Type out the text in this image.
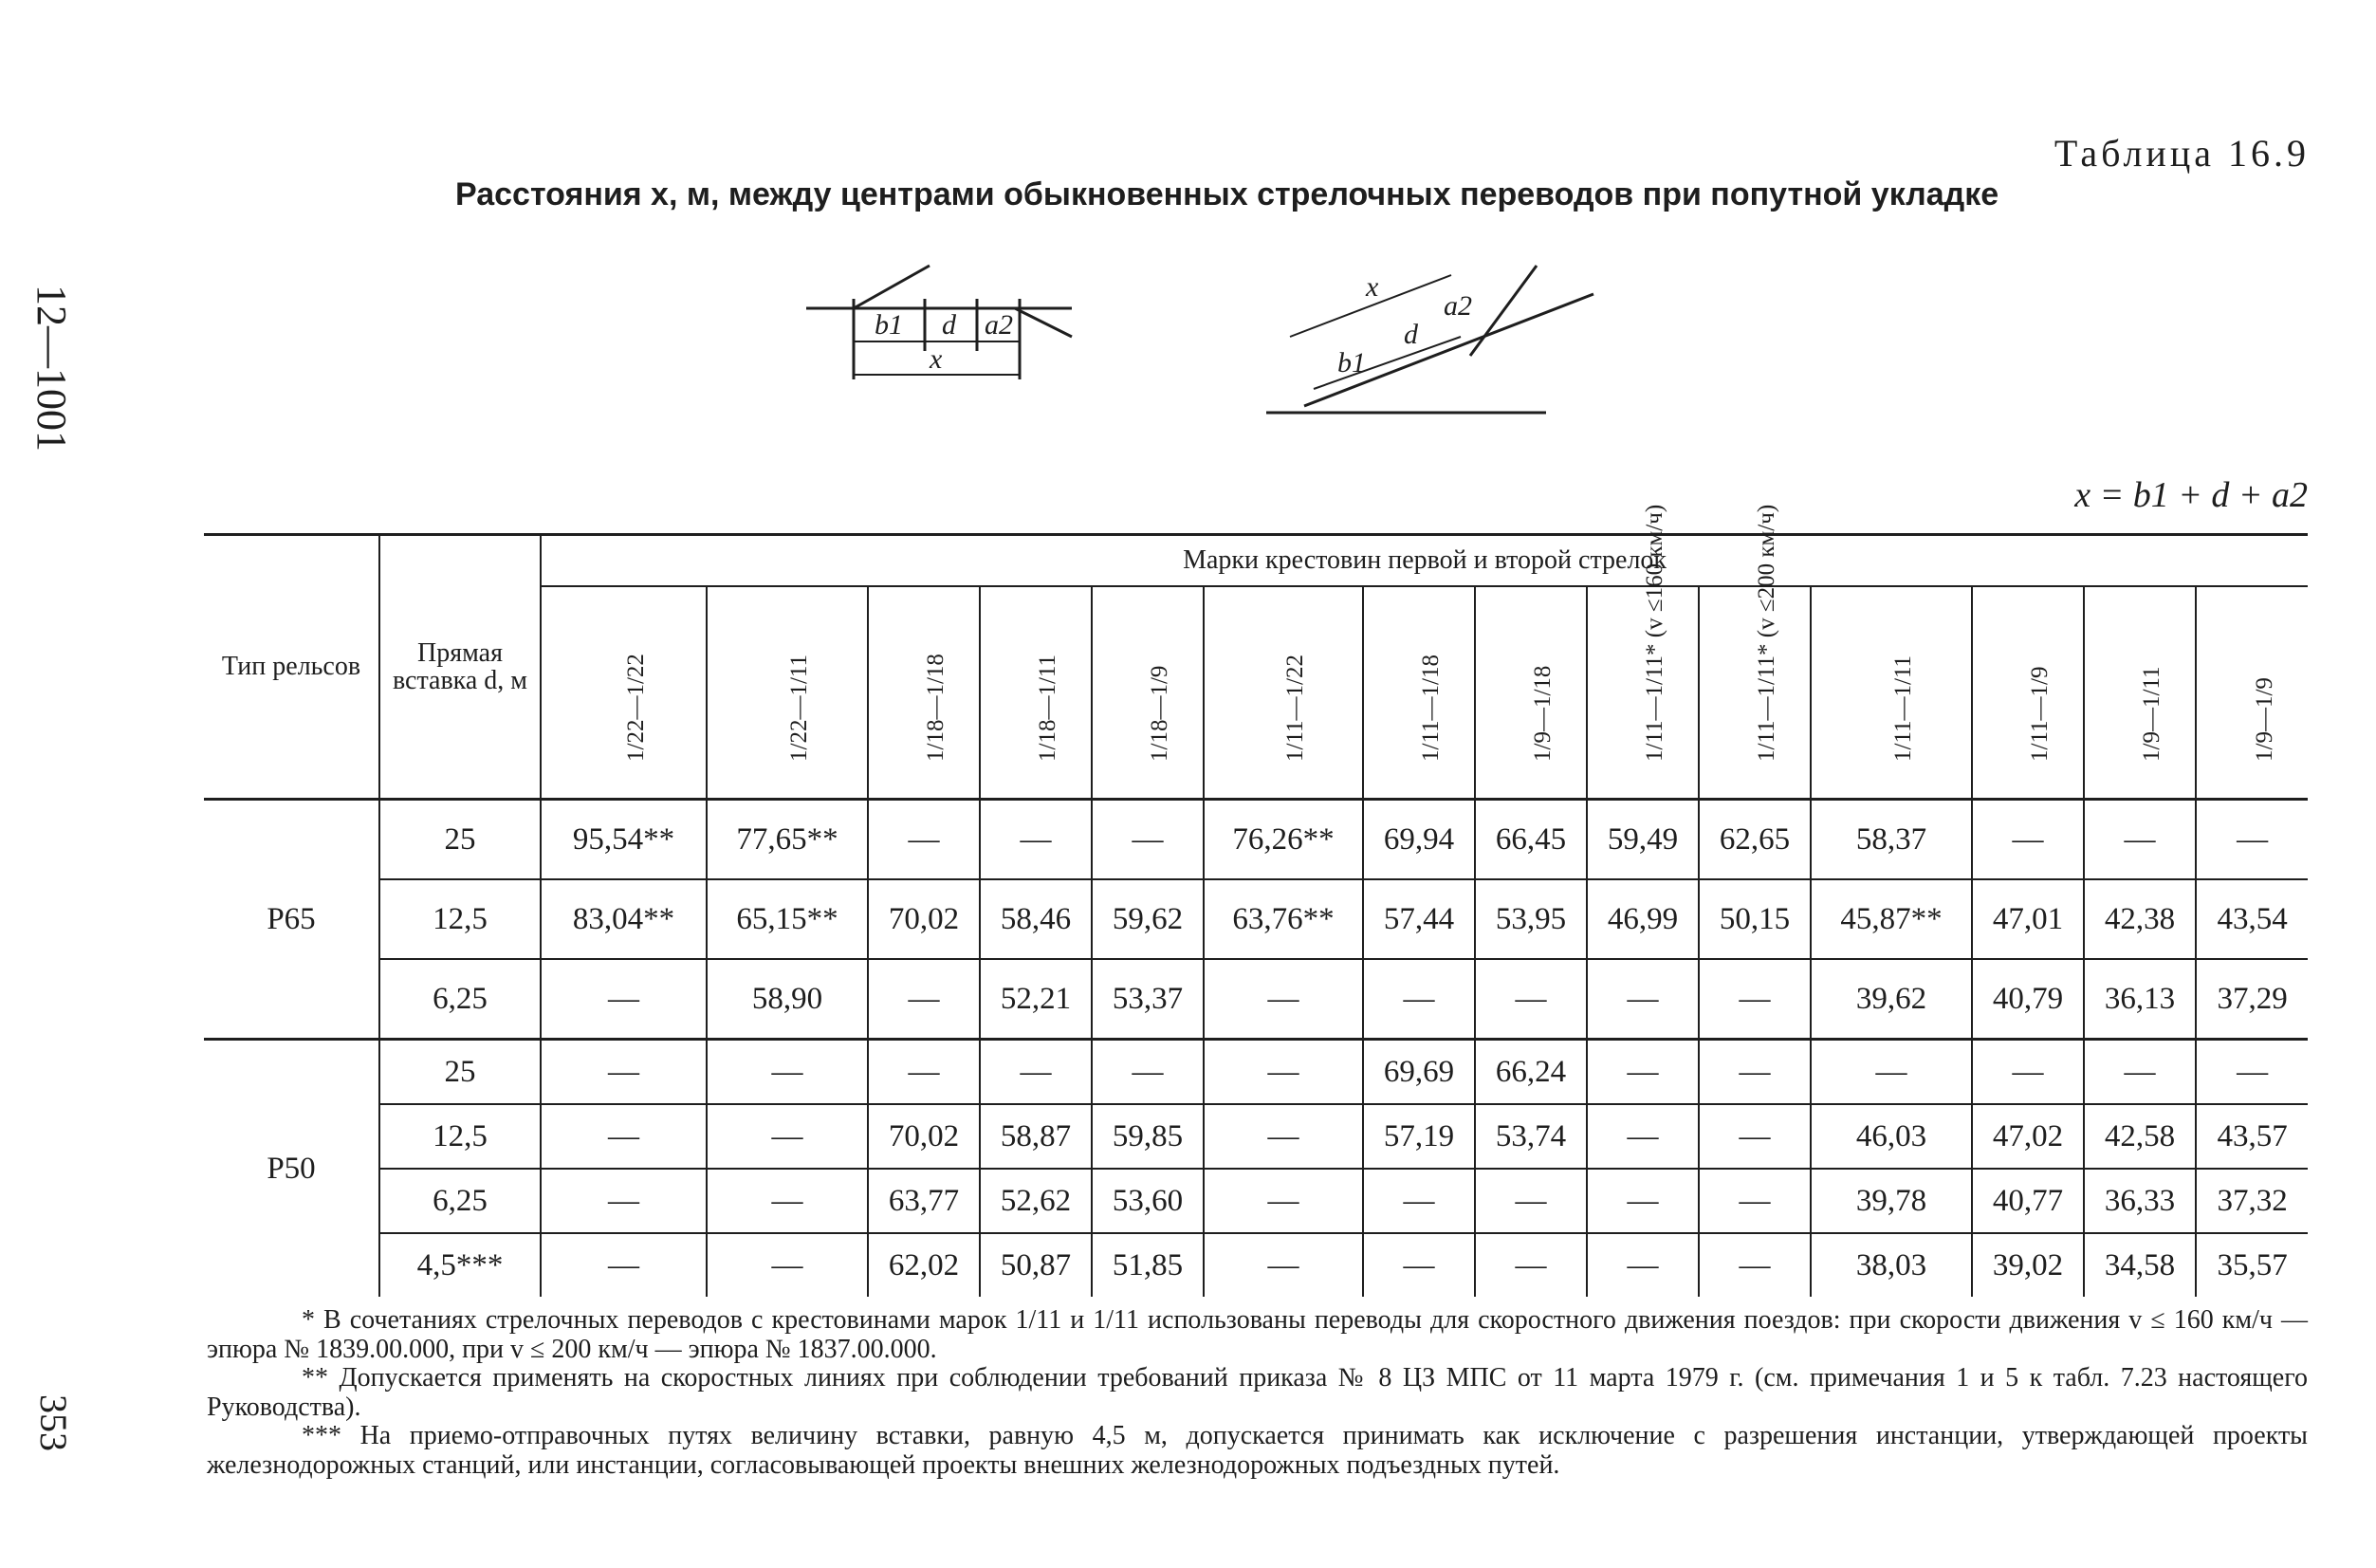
12—1001
353
Таблица 16.9
Расстояния x, м, между центрами обыкновенных стрелочных переводов при попутной укладке
b1 d a2
x
x
b1
d
a2
x = b1 + d + a2
Тип рельсов	Прямая вставка d, м	Марки крестовин первой и второй стрелок													

		1/22—1/22	1/22—1/11	1/18—1/18	1/18—1/11	1/18—1/9	1/11—1/22	1/11—1/18	1/9—1/18	1/11—1/11* (v ≤160 км/ч)	1/11—1/11* (v ≤200 км/ч)	1/11—1/11	1/11—1/9	1/9—1/11	1/9—1/9

Р65	25	95,54**	77,65**	—	—	—	76,26**	69,94	66,45	59,49	62,65	58,37	—	—	—
	12,5	83,04**	65,15**	70,02	58,46	59,62	63,76**	57,44	53,95	46,99	50,15	45,87**	47,01	42,38	43,54
	6,25	—	58,90	—	52,21	53,37	—	—	—	—	—	39,62	40,79	36,13	37,29
Р50	25	—	—	—	—	—	—	69,69	66,24	—	—	—	—	—	—
	12,5	—	—	70,02	58,87	59,85	—	57,19	53,74	—	—	46,03	47,02	42,58	43,57
	6,25	—	—	63,77	52,62	53,60	—	—	—	—	—	39,78	40,77	36,33	37,32
	4,5***	—	—	62,02	50,87	51,85	—	—	—	—	—	38,03	39,02	34,58	35,57

* В сочетаниях стрелочных переводов с крестовинами марок 1/11 и 1/11 использованы переводы для скоростного движения поездов: при скорости движения v ≤ 160 км/ч — эпюра № 1839.00.000, при v ≤ 200 км/ч — эпюра № 1837.00.000.

** Допускается применять на скоростных линиях при соблюдении требований приказа № 8 ЦЗ МПС от 11 марта 1979 г. (см. примечания 1 и 5 к табл. 7.23 настоящего Руководства).

*** На приемо-отправочных путях величину вставки, равную 4,5 м, допускается принимать как исключение с разрешения инстанции, утверждающей проекты железнодорожных станций, или инстанции, согласовывающей проекты внешних железнодорожных подъездных путей.
